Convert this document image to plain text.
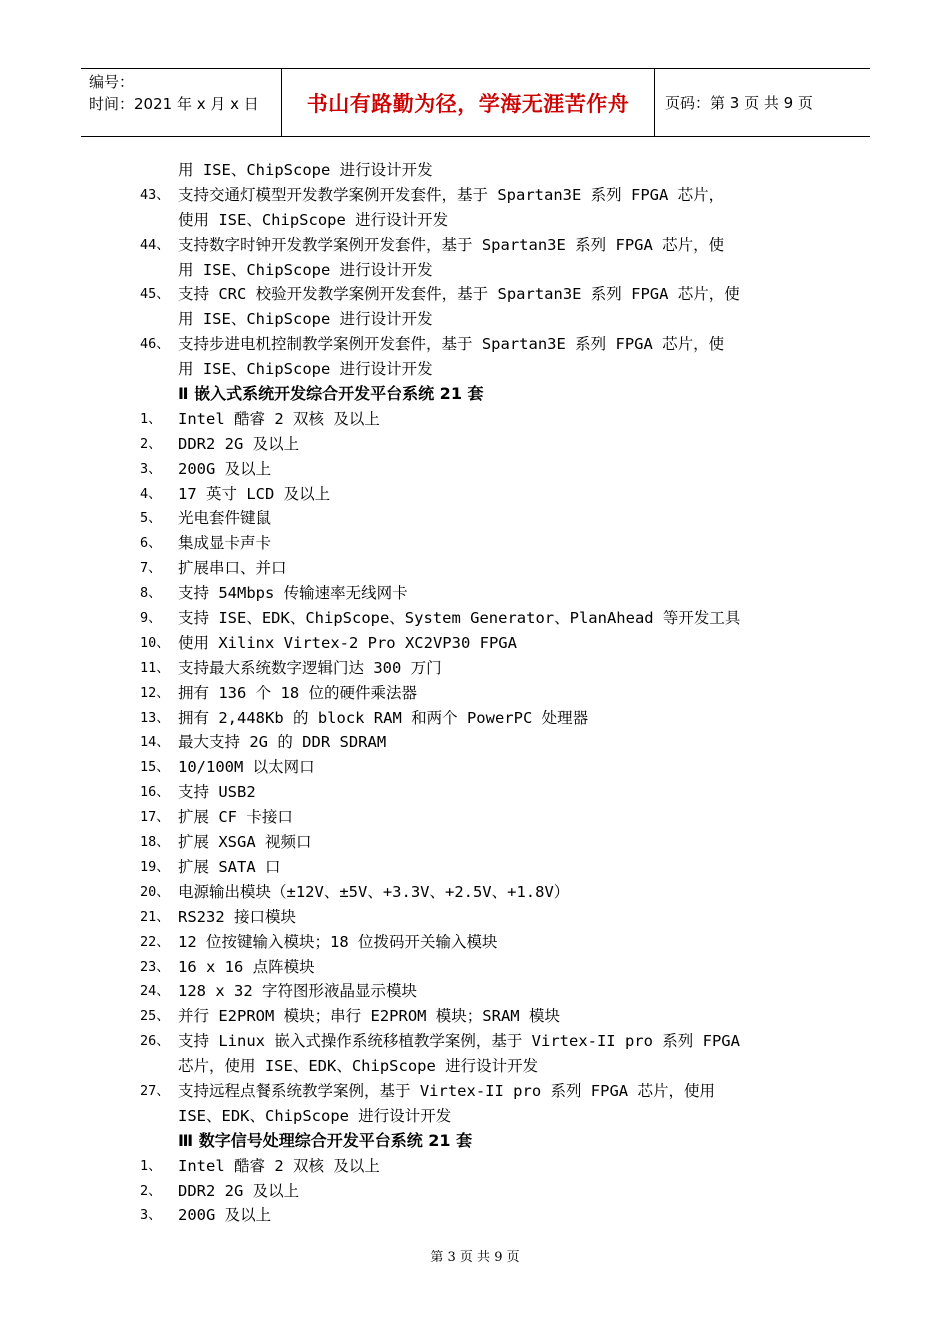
编号：
时间：2021 年 x 月 x 日	书山有路勤为径，学海无涯苦作舟	页码：第 3 页 共 9 页
用 ISE、ChipScope 进行设计开发
43、 支持交通灯模型开发教学案例开发套件，基于 Spartan3E 系列 FPGA 芯片，
使用 ISE、ChipScope 进行设计开发
44、 支持数字时钟开发教学案例开发套件，基于 Spartan3E 系列 FPGA 芯片，使
用 ISE、ChipScope 进行设计开发
45、 支持 CRC 校验开发教学案例开发套件，基于 Spartan3E 系列 FPGA 芯片，使
用 ISE、ChipScope 进行设计开发
46、 支持步进电机控制教学案例开发套件，基于 Spartan3E 系列 FPGA 芯片，使
用 ISE、ChipScope 进行设计开发
Ⅱ 嵌入式系统开发综合开发平台系统 21 套
1、	Intel 酷睿 2 双核 及以上
2、	DDR2 2G 及以上
3、	200G 及以上
4、	17 英寸 LCD 及以上
5、	光电套件键鼠
6、	集成显卡声卡
7、	扩展串口、并口
8、	支持 54Mbps 传输速率无线网卡
9、	支持 ISE、EDK、ChipScope、System Generator、PlanAhead 等开发工具
10、 使用 Xilinx Virtex-2 Pro XC2VP30 FPGA
11、 支持最大系统数字逻辑门达 300 万门
12、 拥有 136 个 18 位的硬件乘法器
13、 拥有 2,448Kb 的 block RAM 和两个 PowerPC 处理器
14、 最大支持 2G 的 DDR SDRAM
15、 10/100M 以太网口
16、 支持 USB2
17、 扩展 CF 卡接口
18、 扩展 XSGA 视频口
19、 扩展 SATA 口
20、 电源输出模块（±12V、±5V、+3.3V、+2.5V、+1.8V）
21、 RS232 接口模块
22、 12 位按键输入模块；18 位拨码开关输入模块
23、 16 x 16 点阵模块
24、 128 x 32 字符图形液晶显示模块
25、 并行 E2PROM 模块；串行 E2PROM 模块；SRAM 模块
26、 支持 Linux 嵌入式操作系统移植教学案例，基于 Virtex-II pro 系列 FPGA
芯片，使用 ISE、EDK、ChipScope 进行设计开发
27、 支持远程点餐系统教学案例，基于 Virtex-II pro 系列 FPGA 芯片，使用
ISE、EDK、ChipScope 进行设计开发
Ⅲ 数字信号处理综合开发平台系统 21 套
1、	Intel 酷睿 2 双核 及以上
2、	DDR2 2G 及以上
3、	200G 及以上
第 3 页 共 9 页
